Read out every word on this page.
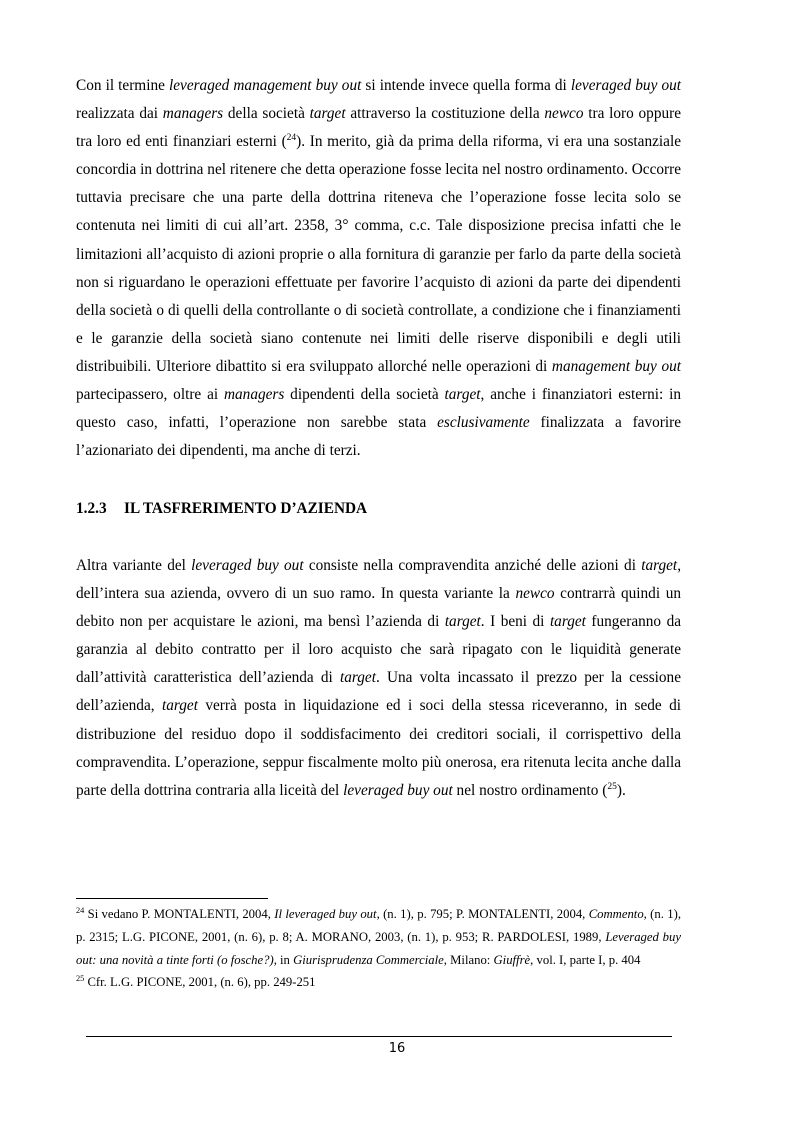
Con il termine leveraged management buy out si intende invece quella forma di leveraged buy out realizzata dai managers della società target attraverso la costituzione della newco tra loro oppure tra loro ed enti finanziari esterni ($^{24}$). In merito, già da prima della riforma, vi era una sostanziale concordia in dottrina nel ritenere che detta operazione fosse lecita nel nostro ordinamento. Occorre tuttavia precisare che una parte della dottrina riteneva che l’operazione fosse lecita solo se contenuta nei limiti di cui all’art. 2358, 3° comma, c.c. Tale disposizione precisa infatti che le limitazioni all’acquisto di azioni proprie o alla fornitura di garanzie per farlo da parte della società non si riguardano le operazioni effettuate per favorire l’acquisto di azioni da parte dei dipendenti della società o di quelli della controllante o di società controllate, a condizione che i finanziamenti e le garanzie della società siano contenute nei limiti delle riserve disponibili e degli utili distribuibili. Ulteriore dibattito si era sviluppato allorché nelle operazioni di management buy out partecipassero, oltre ai managers dipendenti della società target, anche i finanziatori esterni: in questo caso, infatti, l’operazione non sarebbe stata esclusivamente finalizzata a favorire l’azionariato dei dipendenti, ma anche di terzi.

1.2.3 IL TASFRERIMENTO D’AZIENDA

Altra variante del leveraged buy out consiste nella compravendita anziché delle azioni di target, dell’intera sua azienda, ovvero di un suo ramo. In questa variante la newco contrarrà quindi un debito non per acquistare le azioni, ma bensì l’azienda di target. I beni di target fungeranno da garanzia al debito contratto per il loro acquisto che sarà ripagato con le liquidità generate dall’attività caratteristica dell’azienda di target. Una volta incassato il prezzo per la cessione dell’azienda, target verrà posta in liquidazione ed i soci della stessa riceveranno, in sede di distribuzione del residuo dopo il soddisfacimento dei creditori sociali, il corrispettivo della compravendita. L’operazione, seppur fiscalmente molto più onerosa, era ritenuta lecita anche dalla parte della dottrina contraria alla liceità del leveraged buy out nel nostro ordinamento ($^{25}$).

$^{24}$ Si vedano P. MONTALENTI, 2004, Il leveraged buy out, (n. 1), p. 795; P. MONTALENTI, 2004, Commento, (n. 1), p. 2315; L.G. PICONE, 2001, (n. 6), p. 8; A. MORANO, 2003, (n. 1), p. 953; R. PARDOLESI, 1989, Leveraged buy out: una novità a tinte forti (o fosche?), in Giurisprudenza Commerciale, Milano: Giuffrè, vol. I, parte I, p. 404

$^{25}$ Cfr. L.G. PICONE, 2001, (n. 6), pp. 249-251

16
